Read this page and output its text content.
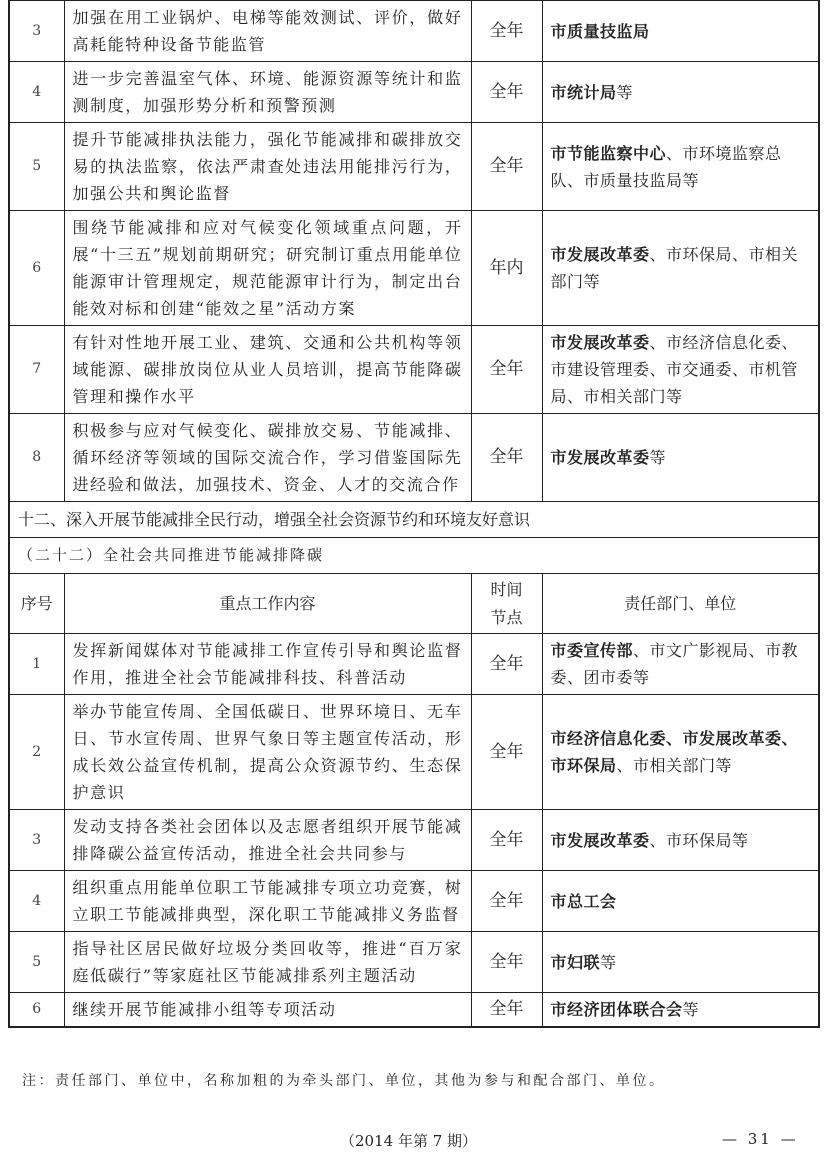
3	加强在用工业锅炉、电梯等能效测试、评价，做好高耗能特种设备节能监管	全年	市质量技监局
4	进一步完善温室气体、环境、能源资源等统计和监测制度，加强形势分析和预警预测	全年	市统计局等
5	提升节能减排执法能力，强化节能减排和碳排放交易的执法监察，依法严肃查处违法用能排污行为，加强公共和舆论监督	全年	市节能监察中心、市环境监察总队、市质量技监局等
6	围绕节能减排和应对气候变化领域重点问题，开展“十三五”规划前期研究；研究制订重点用能单位能源审计管理规定，规范能源审计行为，制定出台能效对标和创建“能效之星”活动方案	年内	市发展改革委、市环保局、市相关部门等
7	有针对性地开展工业、建筑、交通和公共机构等领域能源、碳排放岗位从业人员培训，提高节能降碳管理和操作水平	全年	市发展改革委、市经济信息化委、市建设管理委、市交通委、市机管局、市相关部门等
8	积极参与应对气候变化、碳排放交易、节能减排、循环经济等领域的国际交流合作，学习借鉴国际先进经验和做法，加强技术、资金、人才的交流合作	全年	市发展改革委等
十二、深入开展节能减排全民行动，增强全社会资源节约和环境友好意识			
（二十二）全社会共同推进节能减排降碳			
序号	重点工作内容	时间节点	责任部门、单位
1	发挥新闻媒体对节能减排工作宣传引导和舆论监督作用，推进全社会节能减排科技、科普活动	全年	市委宣传部、市文广影视局、市教委、团市委等
2	举办节能宣传周、全国低碳日、世界环境日、无车日、节水宣传周、世界气象日等主题宣传活动，形成长效公益宣传机制，提高公众资源节约、生态保护意识	全年	市经济信息化委、市发展改革委、市环保局、市相关部门等
3	发动支持各类社会团体以及志愿者组织开展节能减排降碳公益宣传活动，推进全社会共同参与	全年	市发展改革委、市环保局等
4	组织重点用能单位职工节能减排专项立功竞赛，树立职工节能减排典型，深化职工节能减排义务监督	全年	市总工会
5	指导社区居民做好垃圾分类回收等，推进“百万家庭低碳行”等家庭社区节能减排系列主题活动	全年	市妇联等
6	继续开展节能减排小组等专项活动	全年	市经济团体联合会等
注：责任部门、单位中，名称加粗的为牵头部门、单位，其他为参与和配合部门、单位。
（2014 年第 7 期）	— 31 —
